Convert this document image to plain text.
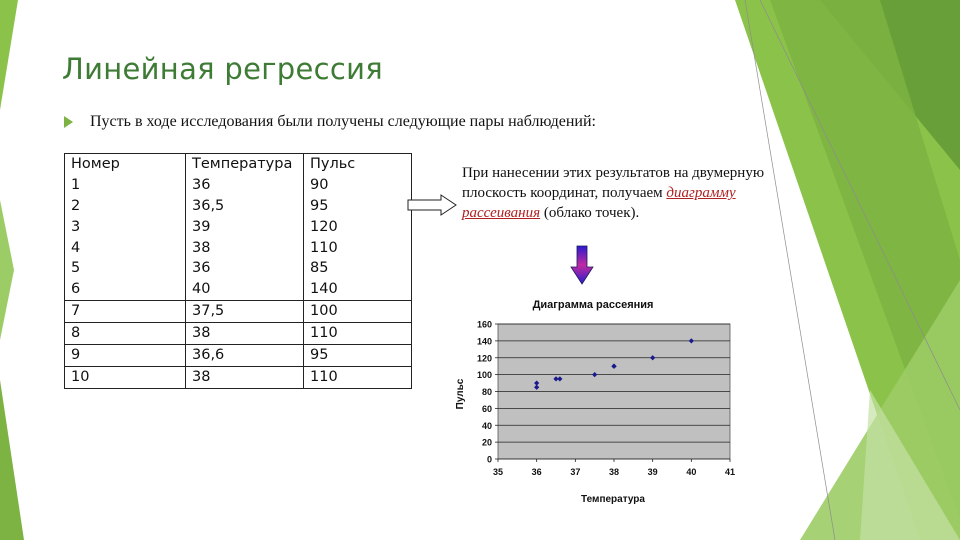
Линейная регрессия
Пусть в ходе исследования были получены следующие пары наблюдений:
Номер	Температура	Пульс
1	36	90
2	36,5	95
3	39	120
4	38	110
5	36	85
6	40	140
7	37,5	100
8	38	110
9	36,6	95
10	38	110
При нанесении этих результатов на двумерную плоскость координат, получаем диаграмму рассеивания (облако точек).
Диаграмма рассеяния
0
20
40
60
80
100
120
140
160
35	36	37	38	39	40	41
Температура
Пульс
